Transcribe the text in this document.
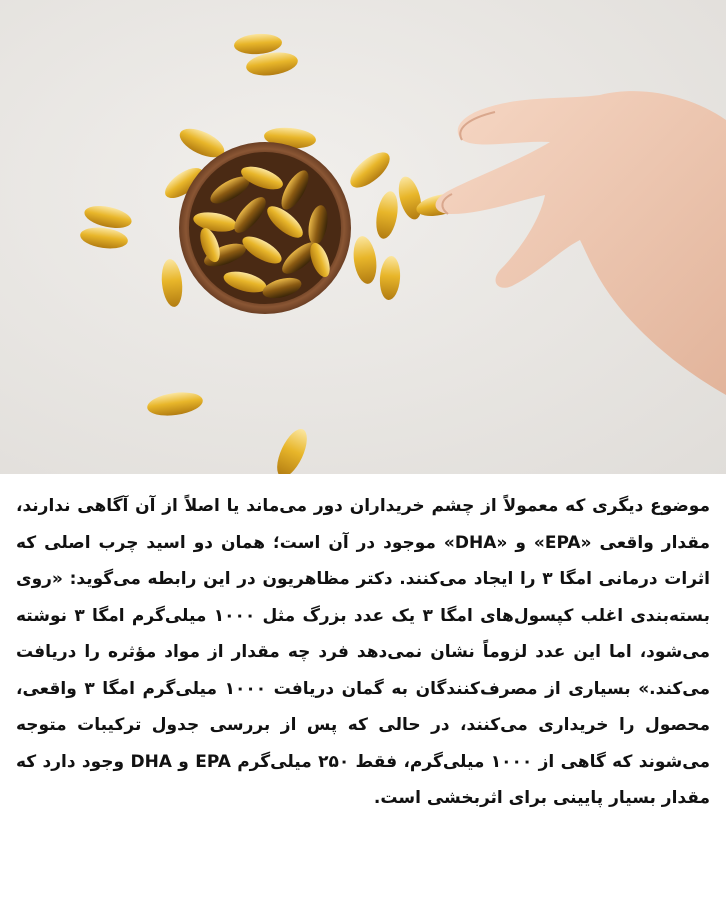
موضوع دیگری که معمولاً از چشم خریداران دور می‌ماند یا اصلاً از آن آگاهی ندارند، مقدار واقعی «EPA» و «DHA» موجود در آن است؛ همان دو اسید چرب اصلی که اثرات درمانی امگا ۳ را ایجاد می‌کنند. دکتر مظاهریون در این رابطه می‌گوید: «روی بسته‌بندی اغلب کپسول‌های امگا ۳ یک عدد بزرگ مثل ۱۰۰۰ میلی‌گرم امگا ۳ نوشته می‌شود، اما این عدد لزوماً نشان نمی‌دهد فرد چه مقدار از مواد مؤثره را دریافت می‌کند.» بسیاری از مصرف‌کنندگان به گمان دریافت ۱۰۰۰ میلی‌گرم امگا ۳ واقعی، محصول را خریداری می‌کنند، در حالی که پس از بررسی جدول ترکیبات متوجه می‌شوند که گاهی از ۱۰۰۰ میلی‌گرم، فقط ۲۵۰ میلی‌گرم EPA و DHA وجود دارد که مقدار بسیار پایینی برای اثربخشی است.
